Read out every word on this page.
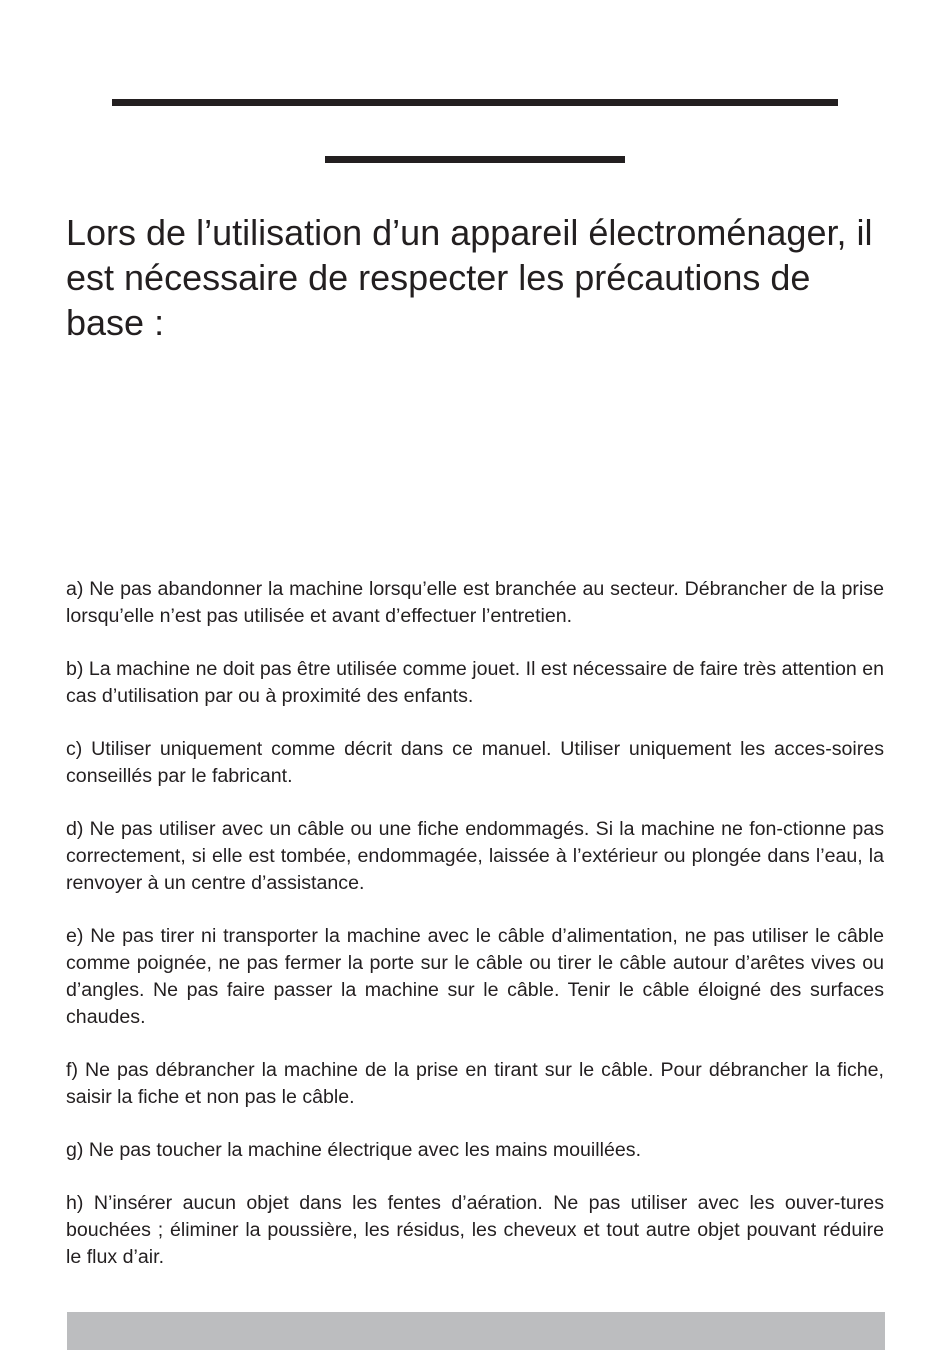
Lors de l’utilisation d’un appareil électroménager, il est nécessaire de respecter les précautions de base :

a) Ne pas abandonner la machine lorsqu’elle est branchée au secteur. Débrancher de la prise lorsqu’elle n’est pas utilisée et avant d’effectuer l’entretien.

b) La machine ne doit pas être utilisée comme jouet. Il est nécessaire de faire très attention en cas d’utilisation par ou à proximité des enfants.

c) Utiliser uniquement comme décrit dans ce manuel. Utiliser uniquement les acces-soires conseillés par le fabricant.

d) Ne pas utiliser avec un câble ou une fiche endommagés. Si la machine ne fon-ctionne pas correctement, si elle est tombée, endommagée, laissée à l’extérieur ou plongée dans l’eau, la renvoyer à un centre d’assistance.

e) Ne pas tirer ni transporter la machine avec le câble d’alimentation, ne pas utiliser le câble comme poignée, ne pas fermer la porte sur le câble ou tirer le câble autour d’arêtes vives ou d’angles. Ne pas faire passer la machine sur le câble. Tenir le câble éloigné des surfaces chaudes.

f) Ne pas débrancher la machine de la prise en tirant sur le câble. Pour débrancher la fiche, saisir la fiche et non pas le câble.

g) Ne pas toucher la machine électrique avec les mains mouillées.

h) N’insérer aucun objet dans les fentes d’aération. Ne pas utiliser avec les ouver-tures bouchées ; éliminer la poussière, les résidus, les cheveux et tout autre objet pouvant réduire le flux d’air.
